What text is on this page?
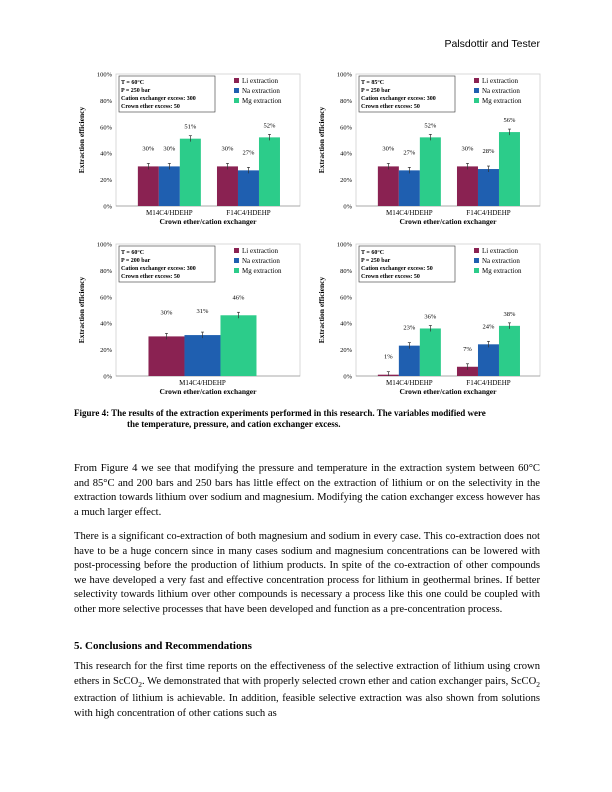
Palsdottir and Tester
0%
20%
40%
60%
80%
100%
Extraction efficiency
T = 60°C
P = 250 bar
Cation exchanger excess: 300
Crown ether excess: 50
Li extraction
Na extraction
Mg extraction
30% 30%
51%
M14C4/HDEHP
30%
27%
52%
F14C4/HDEHP
Crown ether/cation exchanger
0%
20%
40%
60%
80%
100%
Extraction efficiency
T = 85°C
P = 250 bar
Cation exchanger excess: 300
Crown ether excess: 50
Li extraction
Na extraction
Mg extraction
30%
27%
52%
M14C4/HDEHP
30% 28%
56%
F14C4/HDEHP
Crown ether/cation exchanger
0%
20%
40%
60%
80%
100%
Extraction efficiency
T = 60°C
P = 200 bar
Cation exchanger excess: 300
Crown ether excess: 50
Li extraction
Na extraction
Mg extraction
30%	31%
46%
M14C4/HDEHP
Crown ether/cation exchanger
0%
20%
40%
60%
80%
100%
Extraction efficiency
T = 60°C
P = 250 bar
Cation exchanger excess: 50
Crown ether excess: 50
Li extraction
Na extraction
Mg extraction
1%
23%
36%
M14C4/HDEHP
7%
24%
38%
F14C4/HDEHP
Crown ether/cation exchanger
Figure 4: The results of the extraction experiments performed in this research. The variables modified were
the temperature, pressure, and cation exchanger excess.

From Figure 4 we see that modifying the pressure and temperature in the extraction system between 60°C and 85°C and 200 bars and 250 bars has little effect on the extraction of lithium or on the selectivity in the extraction towards lithium over sodium and magnesium. Modifying the cation exchanger excess however has a much larger effect.

There is a significant co-extraction of both magnesium and sodium in every case. This co-extraction does not have to be a huge concern since in many cases sodium and magnesium concentrations can be lowered with post-processing before the production of lithium products. In spite of the co-extraction of other compounds we have developed a very fast and effective concentration process for lithium in geothermal brines. If better selectivity towards lithium over other compounds is necessary a process like this one could be coupled with other more selective processes that have been developed and function as a pre-concentration process.

5. Conclusions and Recommendations

This research for the first time reports on the effectiveness of the selective extraction of lithium using crown ethers in ScCO$_2$. We demonstrated that with properly selected crown ether and cation exchanger pairs, ScCO$_2$ extraction of lithium is achievable. In addition, feasible selective extraction was also shown from solutions with high concentration of other cations such as
